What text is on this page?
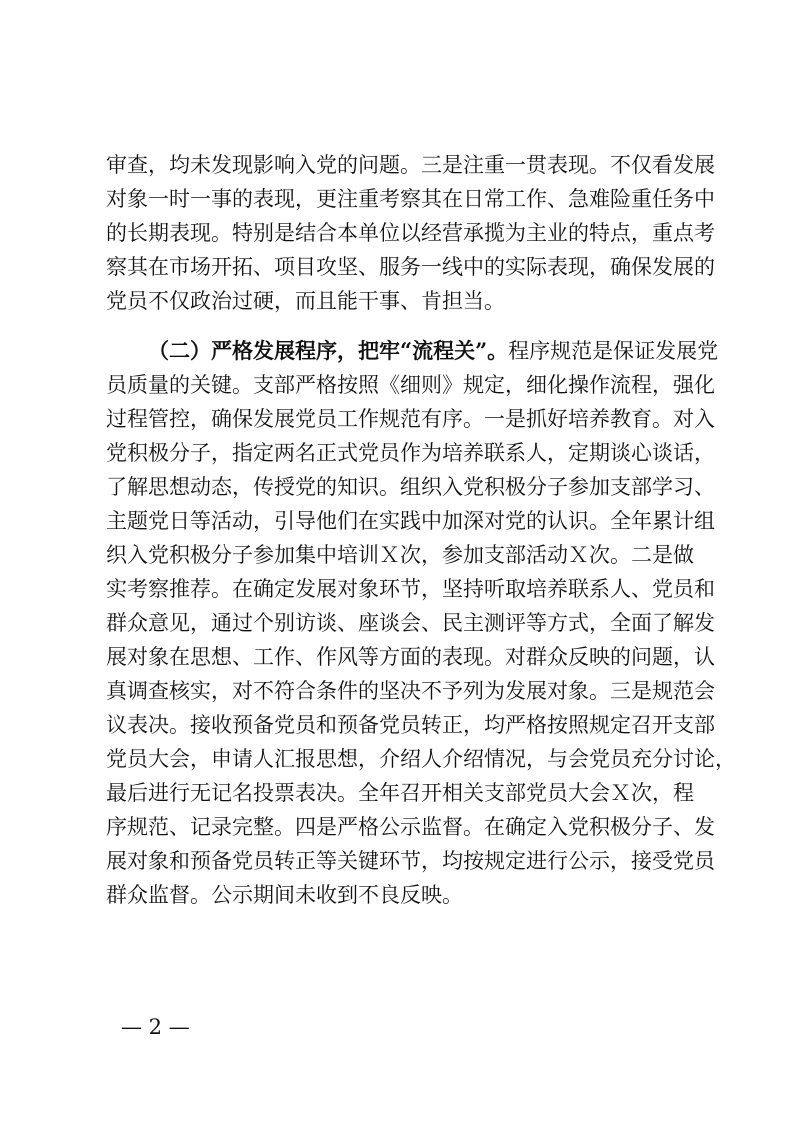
审查，均未发现影响入党的问题。三是注重一贯表现。不仅看发展
对象一时一事的表现，更注重考察其在日常工作、急难险重任务中
的长期表现。特别是结合本单位以经营承揽为主业的特点，重点考
察其在市场开拓、项目攻坚、服务一线中的实际表现，确保发展的
党员不仅政治过硬，而且能干事、肯担当。
（二）严格发展程序，把牢“流程关”。程序规范是保证发展党
员质量的关键。支部严格按照《细则》规定，细化操作流程，强化
过程管控，确保发展党员工作规范有序。一是抓好培养教育。对入
党积极分子，指定两名正式党员作为培养联系人，定期谈心谈话，
了解思想动态，传授党的知识。组织入党积极分子参加支部学习、
主题党日等活动，引导他们在实践中加深对党的认识。全年累计组
织入党积极分子参加集中培训Ｘ次，参加支部活动Ｘ次。二是做
实考察推荐。在确定发展对象环节，坚持听取培养联系人、党员和
群众意见，通过个别访谈、座谈会、民主测评等方式，全面了解发
展对象在思想、工作、作风等方面的表现。对群众反映的问题，认
真调查核实，对不符合条件的坚决不予列为发展对象。三是规范会
议表决。接收预备党员和预备党员转正，均严格按照规定召开支部
党员大会，申请人汇报思想，介绍人介绍情况，与会党员充分讨论，
最后进行无记名投票表决。全年召开相关支部党员大会Ｘ次，程
序规范、记录完整。四是严格公示监督。在确定入党积极分子、发
展对象和预备党员转正等关键环节，均按规定进行公示，接受党员
群众监督。公示期间未收到不良反映。
— 2 —
